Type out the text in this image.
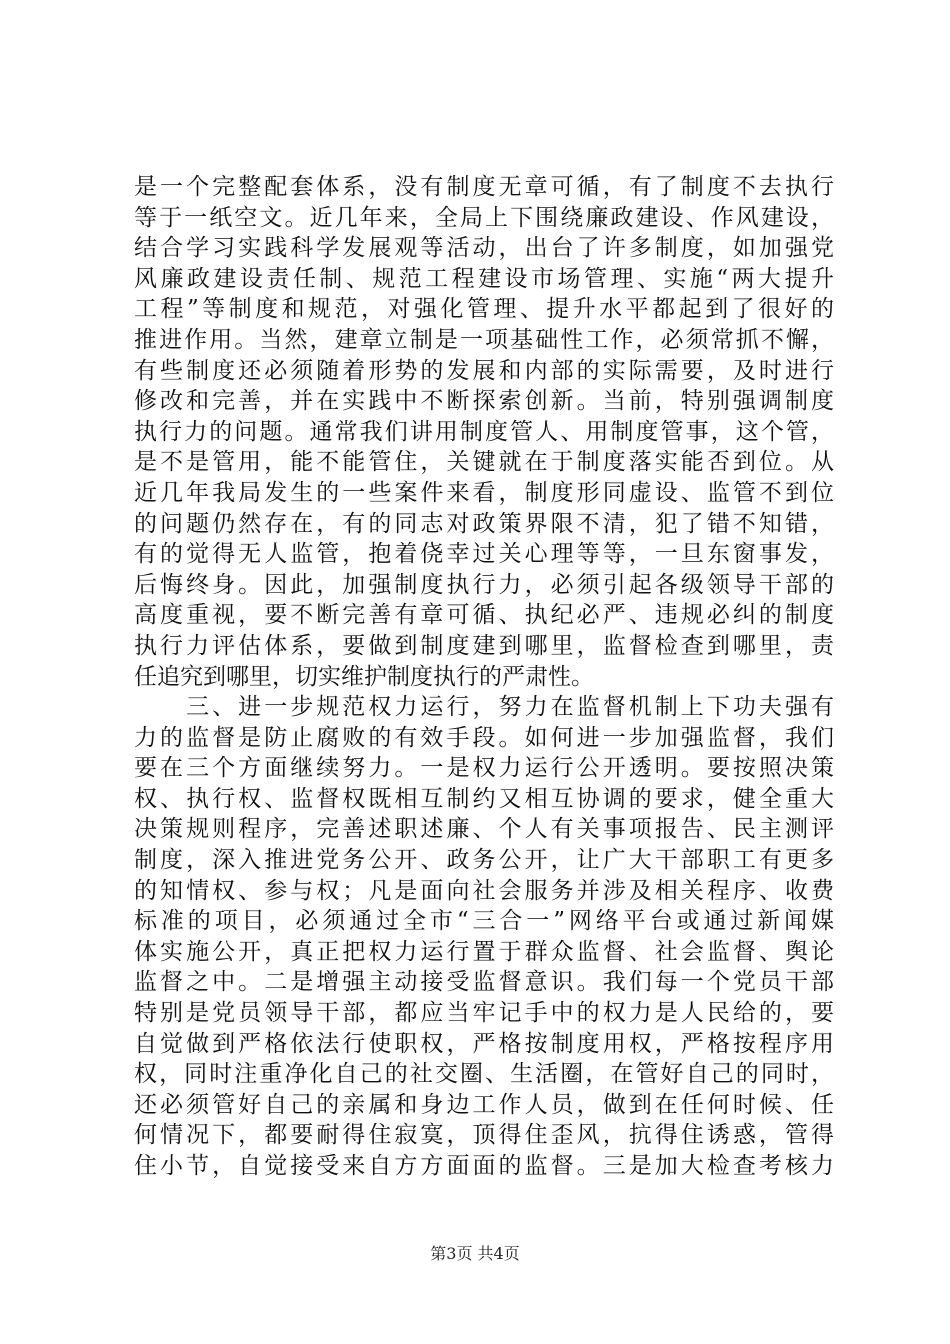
是一个完整配套体系，没有制度无章可循，有了制度不去执行
等于一纸空文。近几年来，全局上下围绕廉政建设、作风建设，
结合学习实践科学发展观等活动，出台了许多制度，如加强党
风廉政建设责任制、规范工程建设市场管理、实施“两大提升
工程”等制度和规范，对强化管理、提升水平都起到了很好的
推进作用。当然，建章立制是一项基础性工作，必须常抓不懈，
有些制度还必须随着形势的发展和内部的实际需要，及时进行
修改和完善，并在实践中不断探索创新。当前，特别强调制度
执行力的问题。通常我们讲用制度管人、用制度管事，这个管，
是不是管用，能不能管住，关键就在于制度落实能否到位。从
近几年我局发生的一些案件来看，制度形同虚设、监管不到位
的问题仍然存在，有的同志对政策界限不清，犯了错不知错，
有的觉得无人监管，抱着侥幸过关心理等等，一旦东窗事发，
后悔终身。因此，加强制度执行力，必须引起各级领导干部的
高度重视，要不断完善有章可循、执纪必严、违规必纠的制度
执行力评估体系，要做到制度建到哪里，监督检查到哪里，责
任追究到哪里，切实维护制度执行的严肃性。
　　三、进一步规范权力运行，努力在监督机制上下功夫强有
力的监督是防止腐败的有效手段。如何进一步加强监督，我们
要在三个方面继续努力。一是权力运行公开透明。要按照决策
权、执行权、监督权既相互制约又相互协调的要求，健全重大
决策规则程序，完善述职述廉、个人有关事项报告、民主测评
制度，深入推进党务公开、政务公开，让广大干部职工有更多
的知情权、参与权；凡是面向社会服务并涉及相关程序、收费
标准的项目，必须通过全市“三合一”网络平台或通过新闻媒
体实施公开，真正把权力运行置于群众监督、社会监督、舆论
监督之中。二是增强主动接受监督意识。我们每一个党员干部
特别是党员领导干部，都应当牢记手中的权力是人民给的，要
自觉做到严格依法行使职权，严格按制度用权，严格按程序用
权，同时注重净化自己的社交圈、生活圈，在管好自己的同时，
还必须管好自己的亲属和身边工作人员，做到在任何时候、任
何情况下，都要耐得住寂寞，顶得住歪风，抗得住诱惑，管得
住小节，自觉接受来自方方面面的监督。三是加大检查考核力
第3页 共4页
